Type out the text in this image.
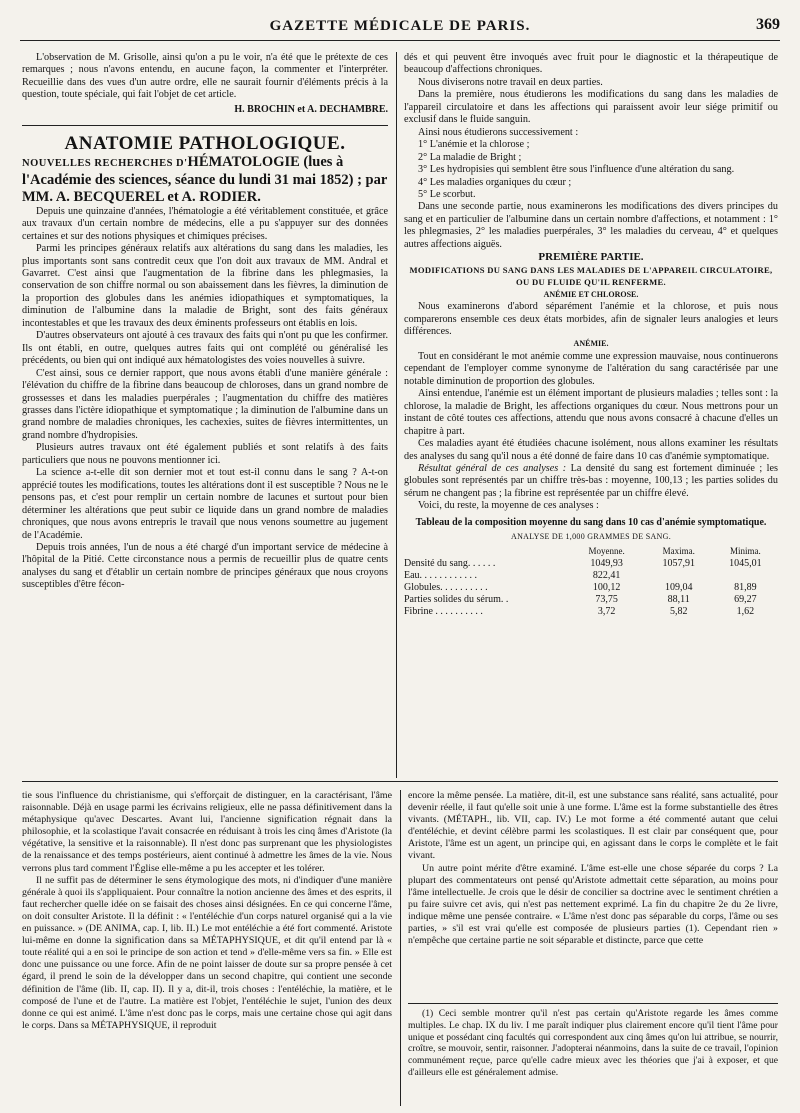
GAZETTE MÉDICALE DE PARIS.	369

L'observation de M. Grisolle, ainsi qu'on a pu le voir, n'a été que le prétexte de ces remarques ; nous n'avons entendu, en aucune façon, la commenter et l'interpréter. Recueillie dans des vues d'un autre ordre, elle ne saurait fournir d'éléments précis à la question, toute spéciale, qui fait l'objet de cet article.

H. BROCHIN et A. DECHAMBRE.

ANATOMIE PATHOLOGIQUE.

NOUVELLES RECHERCHES D'HÉMATOLOGIE (lues à l'Académie des sciences, séance du lundi 31 mai 1852) ; par MM. A. BECQUEREL et A. RODIER.

Depuis une quinzaine d'années, l'hématologie a été véritablement constituée, et grâce aux travaux d'un certain nombre de médecins, elle a pu s'appuyer sur des données certaines et sur des notions physiques et chimiques précises.

Parmi les principes généraux relatifs aux altérations du sang dans les maladies, les plus importants sont sans contredit ceux que l'on doit aux travaux de MM. Andral et Gavarret. C'est ainsi que l'augmentation de la fibrine dans les phlegmasies, la conservation de son chiffre normal ou son abaissement dans les fièvres, la diminution de la proportion des globules dans les anémies idiopathiques et symptomatiques, la diminution de l'albumine dans la maladie de Bright, sont des faits généraux incontestables et que les travaux des deux éminents professeurs ont établis en lois.

D'autres observateurs ont ajouté à ces travaux des faits qui n'ont pu que les confirmer. Ils ont établi, en outre, quelques autres faits qui ont complété ou généralisé les précédents, ou bien qui ont indiqué aux hématologistes des voies nouvelles à suivre.

C'est ainsi, sous ce dernier rapport, que nous avons établi d'une manière générale : l'élévation du chiffre de la fibrine dans beaucoup de chloroses, dans un grand nombre de grossesses et dans les maladies puerpérales ; l'augmentation du chiffre des matières grasses dans l'ictère idiopathique et symptomatique ; la diminution de l'albumine dans un grand nombre de maladies chroniques, les cachexies, suites de fièvres intermittentes, un grand nombre d'hydropisies.

Plusieurs autres travaux ont été également publiés et sont relatifs à des faits particuliers que nous ne pouvons mentionner ici.

La science a-t-elle dit son dernier mot et tout est-il connu dans le sang ? A-t-on apprécié toutes les modifications, toutes les altérations dont il est susceptible ? Nous ne le pensons pas, et c'est pour remplir un certain nombre de lacunes et surtout pour bien déterminer les altérations que peut subir ce liquide dans un grand nombre de maladies chroniques, que nous avons entrepris le travail que nous venons soumettre au jugement de l'Académie.

Depuis trois années, l'un de nous a été chargé d'un important service de médecine à l'hôpital de la Pitié. Cette circonstance nous a permis de recueillir plus de quatre cents analyses du sang et d'établir un certain nombre de principes généraux que nous croyons susceptibles d'être fécon-

dés et qui peuvent être invoqués avec fruit pour le diagnostic et la thérapeutique de beaucoup d'affections chroniques.

Nous diviserons notre travail en deux parties.

Dans la première, nous étudierons les modifications du sang dans les maladies de l'appareil circulatoire et dans les affections qui paraissent avoir leur siége primitif ou exclusif dans le fluide sanguin.

Ainsi nous étudierons successivement :

1° L'anémie et la chlorose ;

2° La maladie de Bright ;

3° Les hydropisies qui semblent être sous l'influence d'une altération du sang.

4° Les maladies organiques du cœur ;

5° Le scorbut.

Dans une seconde partie, nous examinerons les modifications des divers principes du sang et en particulier de l'albumine dans un certain nombre d'affections, et notamment : 1° les phlegmasies, 2° les maladies puerpérales, 3° les maladies du cerveau, 4° et quelques autres affections aiguës.

PREMIÈRE PARTIE.

MODIFICATIONS DU SANG DANS LES MALADIES DE L'APPAREIL CIRCULATOIRE,

OU DU FLUIDE QU'IL RENFERME.

ANÉMIE ET CHLOROSE.

Nous examinerons d'abord séparément l'anémie et la chlorose, et puis nous comparerons ensemble ces deux états morbides, afin de signaler leurs analogies et leurs différences.

ANÉMIE.

Tout en considérant le mot anémie comme une expression mauvaise, nous continuerons cependant de l'employer comme synonyme de l'altération du sang caractérisée par une notable diminution de proportion des globules.

Ainsi entendue, l'anémie est un élément important de plusieurs maladies ; telles sont : la chlorose, la maladie de Bright, les affections organiques du cœur. Nous mettrons pour un instant de côté toutes ces affections, attendu que nous avons consacré à chacune d'elles un chapitre à part.

Ces maladies ayant été étudiées chacune isolément, nous allons examiner les résultats des analyses du sang qu'il nous a été donné de faire dans 10 cas d'anémie symptomatique.

Résultat général de ces analyses : La densité du sang est fortement diminuée ; les globules sont représentés par un chiffre très-bas : moyenne, 100,13 ; les parties solides du sérum ne changent pas ; la fibrine est représentée par un chiffre élevé.

Voici, du reste, la moyenne de ces analyses :

Tableau de la composition moyenne du sang dans 10 cas d'anémie symptomatique.
ANALYSE DE 1,000 GRAMMES DE SANG.
	Moyenne.	Maxima.	Minima.
Densité du sang. . . . . .	1049,93	1057,91	1045,01
Eau. . . . . . . . . . . .	822,41		
Globules. . . . . . . . . .	100,12	109,04	81,89
Parties solides du sérum. .	73,75	88,11	69,27
Fibrine . . . . . . . . . .	3,72	5,82	1,62

tie sous l'influence du christianisme, qui s'efforçait de distinguer, en la caractérisant, l'âme raisonnable. Déjà en usage parmi les écrivains religieux, elle ne passa définitivement dans la métaphysique qu'avec Descartes. Avant lui, l'ancienne signification régnait dans la philosophie, et la scolastique l'avait consacrée en réduisant à trois les cinq âmes d'Aristote (la végétative, la sensitive et la raisonnable). Il n'est donc pas surprenant que les physiologistes de la renaissance et des temps postérieurs, aient continué à admettre les âmes de la vie. Nous verrons plus tard comment l'Église elle-même a pu les accepter et les tolérer.

Il ne suffit pas de déterminer le sens étymologique des mots, ni d'indiquer d'une manière générale à quoi ils s'appliquaient. Pour connaître la notion ancienne des âmes et des esprits, il faut rechercher quelle idée on se faisait des choses ainsi désignées. En ce qui concerne l'âme, on doit consulter Aristote. Il la définit : « l'entéléchie d'un corps naturel organisé qui a la vie en puissance. » (DE ANIMA, cap. I, lib. II.) Le mot entéléchie a été fort commenté. Aristote lui-même en donne la signification dans sa MÉTAPHYSIQUE, et dit qu'il entend par là « toute réalité qui a en soi le principe de son action et tend » d'elle-même vers sa fin. » Elle est donc une puissance ou une force. Afin de ne point laisser de doute sur sa propre pensée à cet égard, il prend le soin de la développer dans un second chapitre, qui contient une seconde définition de l'âme (lib. II, cap. II). Il y a, dit-il, trois choses : l'entéléchie, la matière, et le composé de l'une et de l'autre. La matière est l'objet, l'entéléchie le sujet, l'union des deux donne ce qui est animé. L'âme n'est donc pas le corps, mais une certaine chose qui agit dans le corps. Dans sa MÉTAPHYSIQUE, il reproduit

encore la même pensée. La matière, dit-il, est une substance sans réalité, sans actualité, pour devenir réelle, il faut qu'elle soit unie à une forme. L'âme est la forme substantielle des êtres vivants. (MÉTAPH., lib. VII, cap. IV.) Le mot forme a été commenté autant que celui d'entéléchie, et devint célèbre parmi les scolastiques. Il est clair par conséquent que, pour Aristote, l'âme est un agent, un principe qui, en agissant dans le corps le complète et le fait vivant.

Un autre point mérite d'être examiné. L'âme est-elle une chose séparée du corps ? La plupart des commentateurs ont pensé qu'Aristote admettait cette séparation, au moins pour l'âme intellectuelle. Je crois que le désir de concilier sa doctrine avec le sentiment chrétien a pu faire suivre cet avis, qui n'est pas nettement exprimé. La fin du chapitre 2e du 2e livre, indique même une pensée contraire. « L'âme n'est donc pas séparable du corps, l'âme ou ses parties, » s'il est vrai qu'elle est composée de plusieurs parties (1). Cependant rien » n'empêche que certaine partie ne soit séparable et distincte, parce que cette

(1) Ceci semble montrer qu'il n'est pas certain qu'Aristote regarde les âmes comme multiples. Le chap. IX du liv. I me paraît indiquer plus clairement encore qu'il tient l'âme pour unique et possédant cinq facultés qui correspondent aux cinq âmes qu'on lui attribue, se nourrir, croître, se mouvoir, sentir, raisonner. J'adopterai néanmoins, dans la suite de ce travail, l'opinion communément reçue, parce qu'elle cadre mieux avec les théories que j'ai à exposer, et que d'ailleurs elle est généralement admise.
